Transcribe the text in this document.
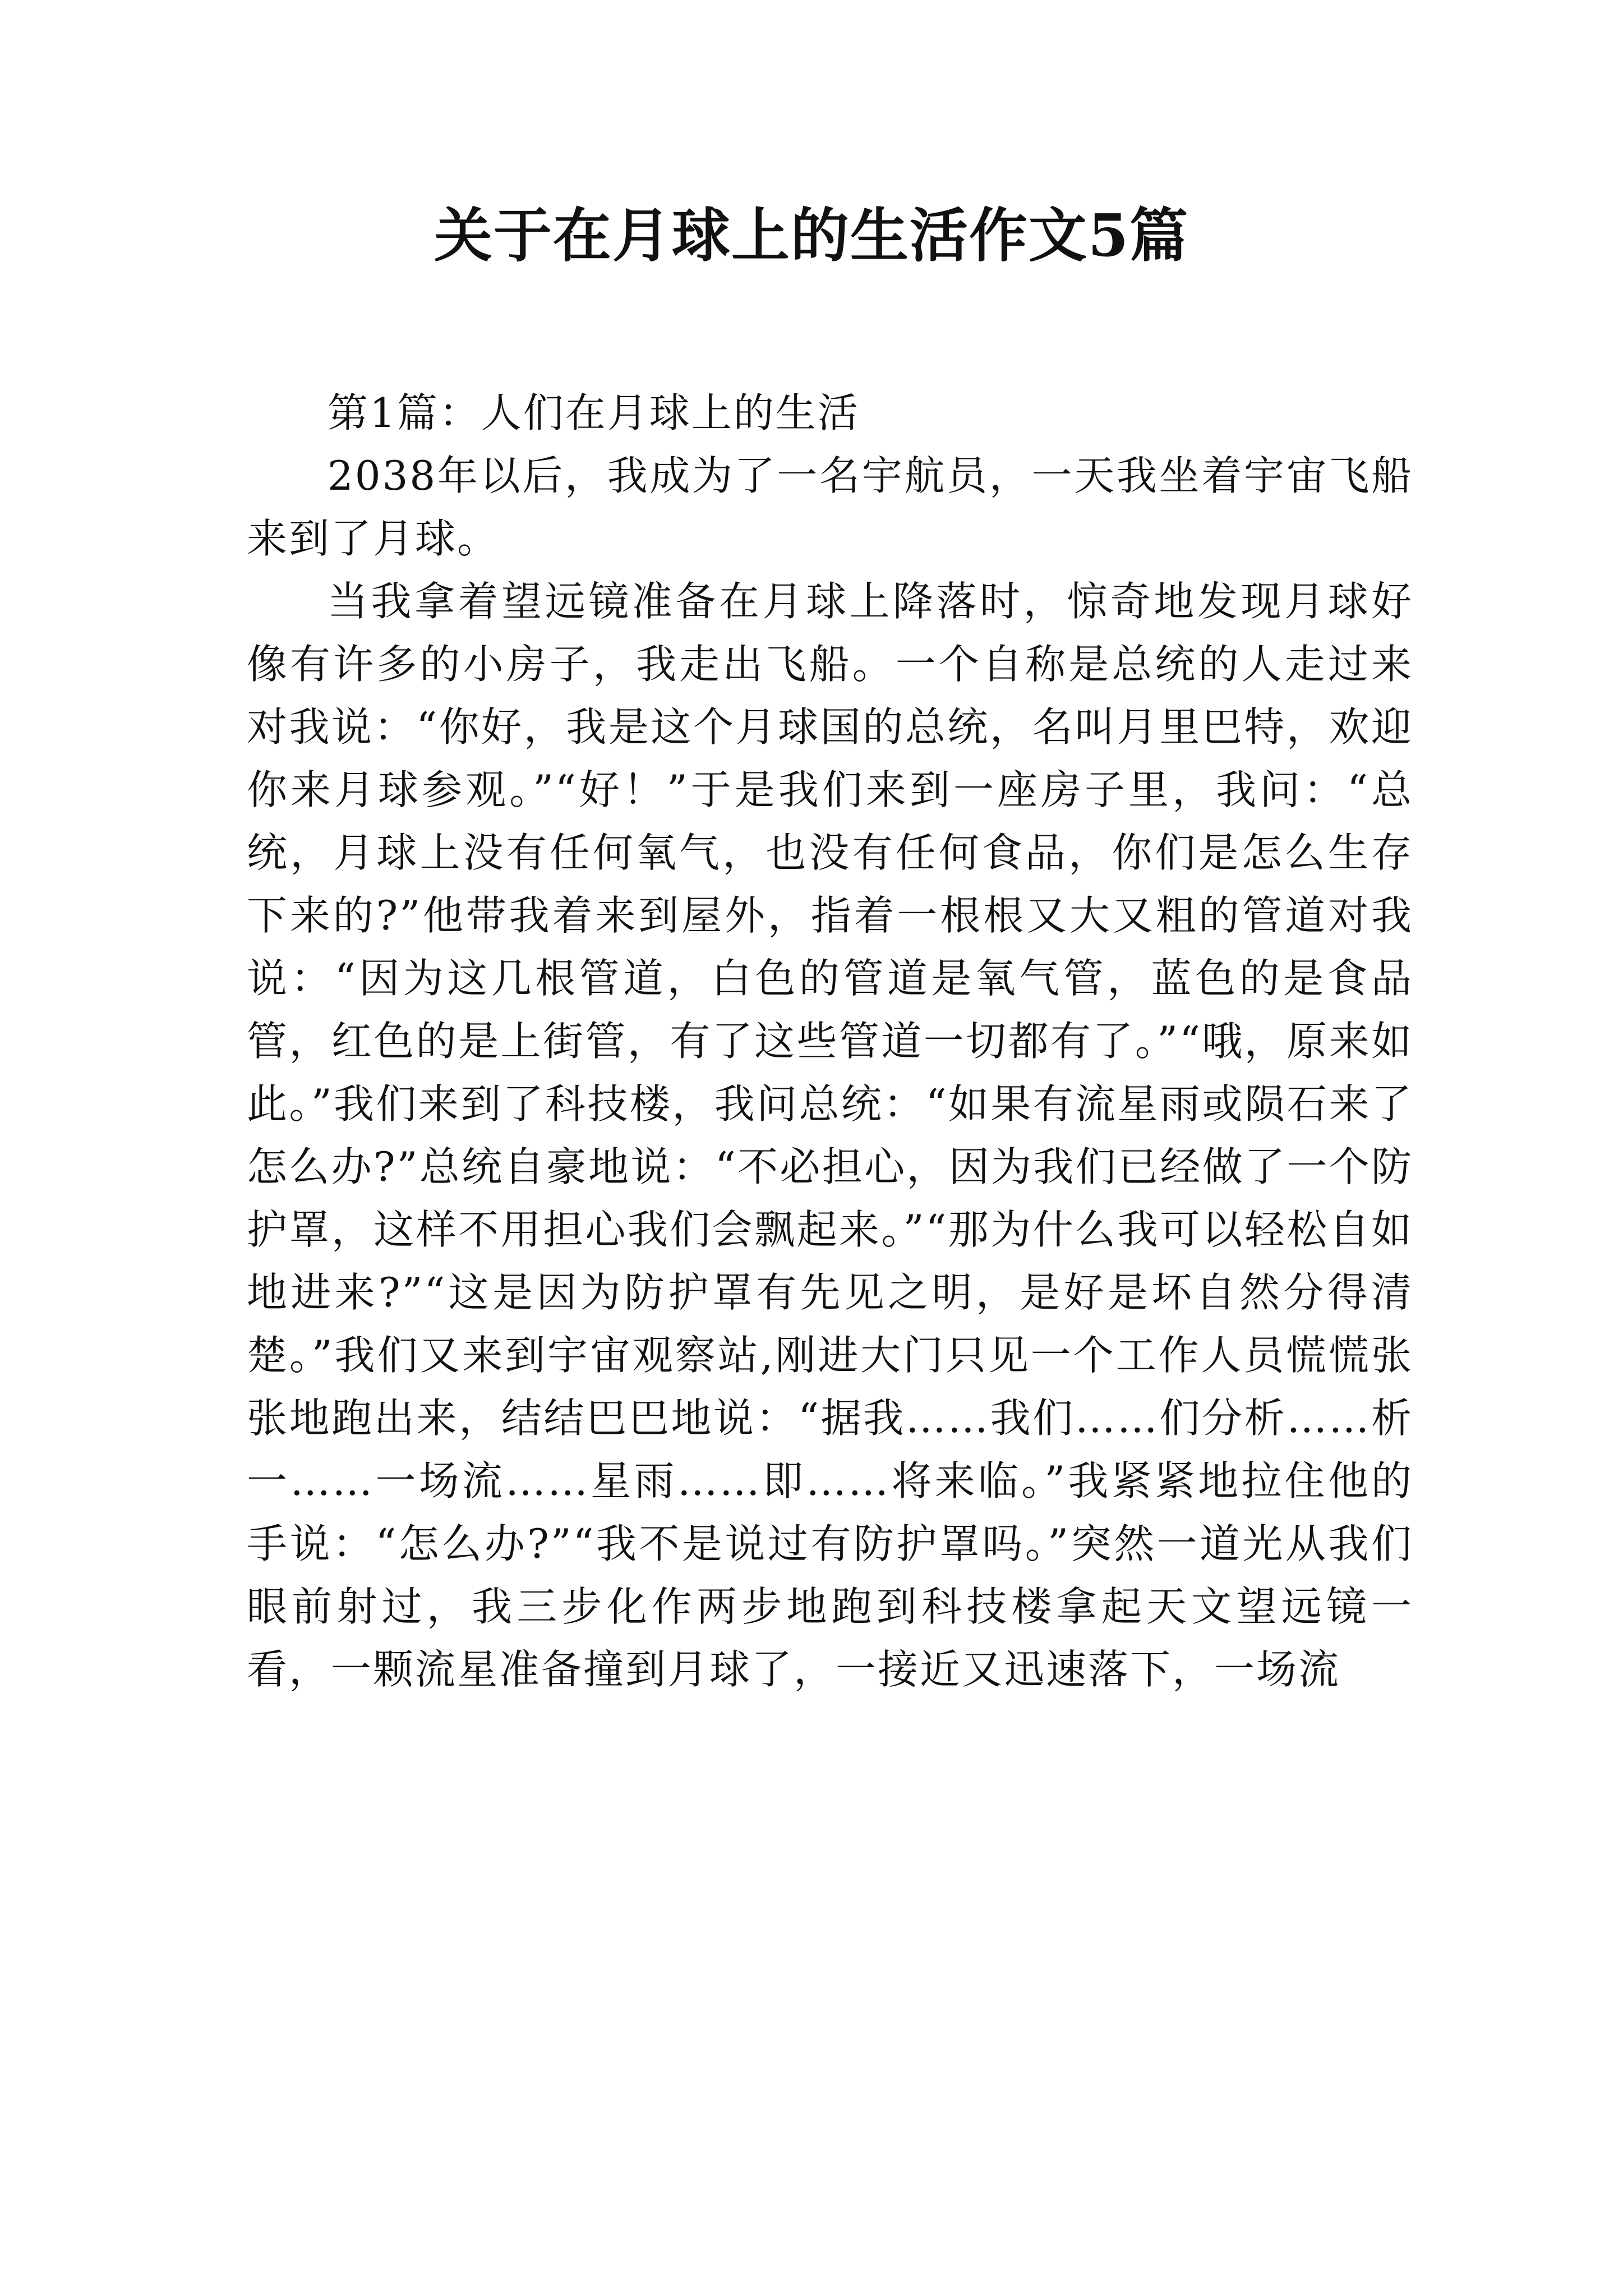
关于在月球上的生活作文5篇

第1篇：人们在月球上的生活

2038年以后，我成为了一名宇航员，一天我坐着宇宙飞船来到了月球。

当我拿着望远镜准备在月球上降落时，惊奇地发现月球好像有许多的小房子，我走出飞船。一个自称是总统的人走过来对我说：“你好，我是这个月球国的总统，名叫月里巴特，欢迎你来月球参观。”“好！”于是我们来到一座房子里，我问：“总统，月球上没有任何氧气，也没有任何食品，你们是怎么生存下来的?”他带我着来到屋外，指着一根根又大又粗的管道对我说：“因为这几根管道，白色的管道是氧气管，蓝色的是食品管，红色的是上街管，有了这些管道一切都有了。”“哦，原来如此。”我们来到了科技楼，我问总统：“如果有流星雨或陨石来了怎么办?”总统自豪地说：“不必担心，因为我们已经做了一个防护罩，这样不用担心我们会飘起来。”“那为什么我可以轻松自如地进来?”“这是因为防护罩有先见之明，是好是坏自然分得清楚。”我们又来到宇宙观察站,刚进大门只见一个工作人员慌慌张张地跑出来，结结巴巴地说：“据我……我们……们分析……析一……一场流……星雨……即……将来临。”我紧紧地拉住他的手说：“怎么办?”“我不是说过有防护罩吗。”突然一道光从我们眼前射过，我三步化作两步地跑到科技楼拿起天文望远镜一看，一颗流星准备撞到月球了，一接近又迅速落下，一场流
